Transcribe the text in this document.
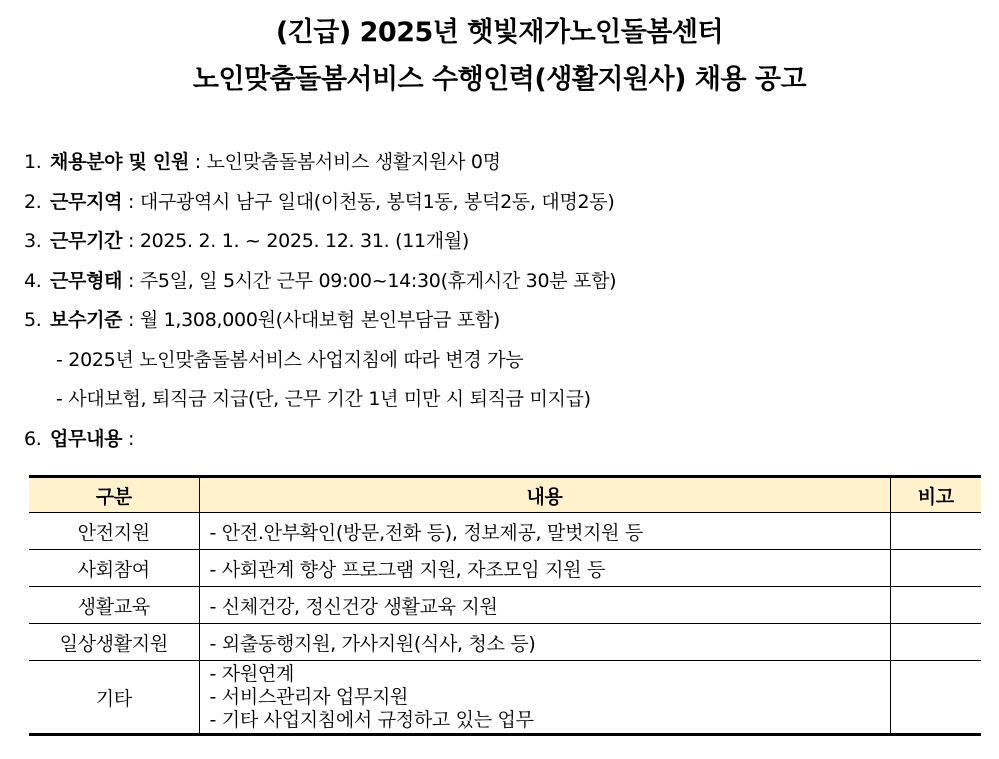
(긴급) 2025년 햇빛재가노인돌봄센터
노인맞춤돌봄서비스 수행인력(생활지원사) 채용 공고
1. 채용분야 및 인원 : 노인맞춤돌봄서비스 생활지원사 0명
2. 근무지역 : 대구광역시 남구 일대(이천동, 봉덕1동, 봉덕2동, 대명2동)
3. 근무기간 : 2025. 2. 1. ~ 2025. 12. 31. (11개월)
4. 근무형태 : 주5일, 일 5시간 근무 09:00~14:30(휴게시간 30분 포함)
5. 보수기준 : 월 1,308,000원(사대보험 본인부담금 포함)
- 2025년 노인맞춤돌봄서비스 사업지침에 따라 변경 가능
- 사대보험, 퇴직금 지급(단, 근무 기간 1년 미만 시 퇴직금 미지급)
6. 업무내용 :
구분	내용	비고
안전지원	- 안전.안부확인(방문,전화 등), 정보제공, 말벗지원 등	
사회참여	- 사회관계 향상 프로그램 지원, 자조모임 지원 등	
생활교육	- 신체건강, 정신건강 생활교육 지원	
일상생활지원	- 외출동행지원, 가사지원(식사, 청소 등)	
기타	- 자원연계
- 서비스관리자 업무지원
- 기타 사업지침에서 규정하고 있는 업무	
